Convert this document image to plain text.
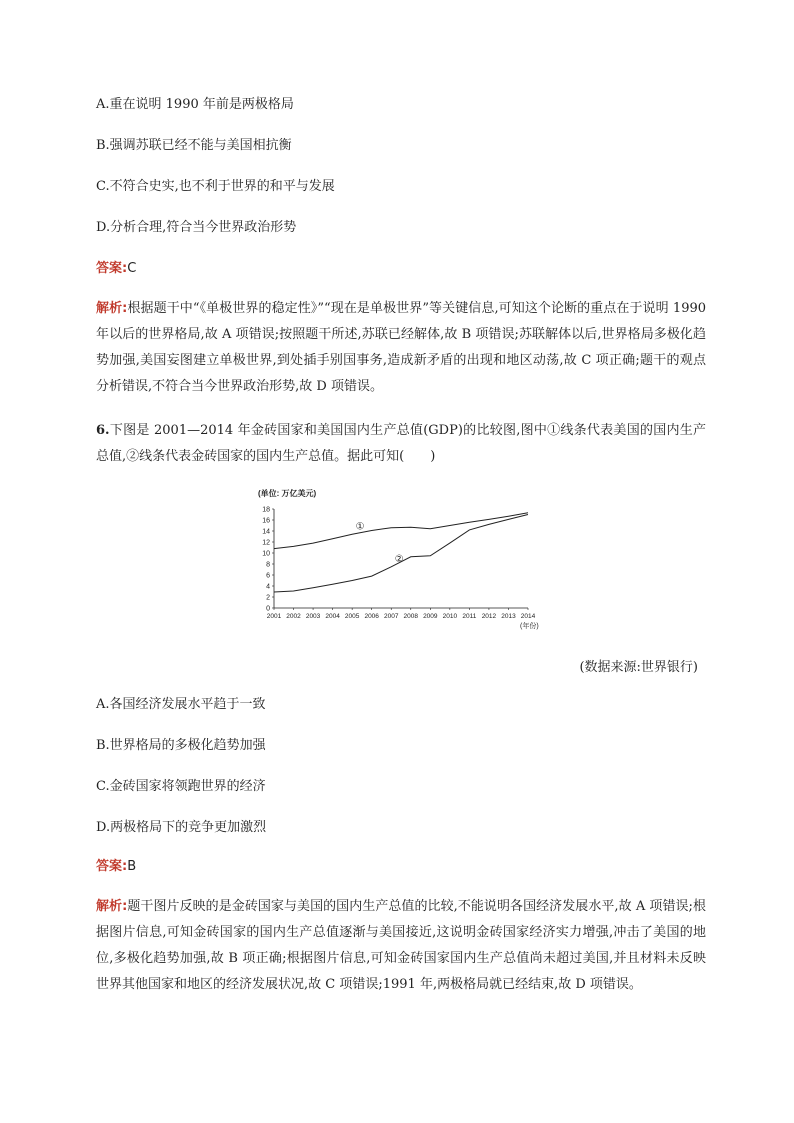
A.重在说明 1990 年前是两极格局
B.强调苏联已经不能与美国相抗衡
C.不符合史实,也不利于世界的和平与发展
D.分析合理,符合当今世界政治形势
答案:C
解析:根据题干中“《单极世界的稳定性》”“现在是单极世界”等关键信息,可知这个论断的重点在于说明 1990 年以后的世界格局,故 A 项错误;按照题干所述,苏联已经解体,故 B 项错误;苏联解体以后,世界格局多极化趋势加强,美国妄图建立单极世界,到处插手别国事务,造成新矛盾的出现和地区动荡,故 C 项正确;题干的观点分析错误,不符合当今世界政治形势,故 D 项错误。
6.下图是 2001—2014 年金砖国家和美国国内生产总值(GDP)的比较图,图中①线条代表美国的国内生产总值,②线条代表金砖国家的国内生产总值。据此可知(　　)
(单位: 万亿美元)
0
2
4
6
8
10
12
14
16
18
2001 2002 2003 2004 2005 2006 2007 2008 2009 2010 2011 2012 2013 2014
①
②
(年份)
(数据来源:世界银行)
A.各国经济发展水平趋于一致
B.世界格局的多极化趋势加强
C.金砖国家将领跑世界的经济
D.两极格局下的竞争更加激烈
答案:B
解析:题干图片反映的是金砖国家与美国的国内生产总值的比较,不能说明各国经济发展水平,故 A 项错误;根据图片信息,可知金砖国家的国内生产总值逐渐与美国接近,这说明金砖国家经济实力增强,冲击了美国的地位,多极化趋势加强,故 B 项正确;根据图片信息,可知金砖国家国内生产总值尚未超过美国,并且材料未反映世界其他国家和地区的经济发展状况,故 C 项错误;1991 年,两极格局就已经结束,故 D 项错误。
